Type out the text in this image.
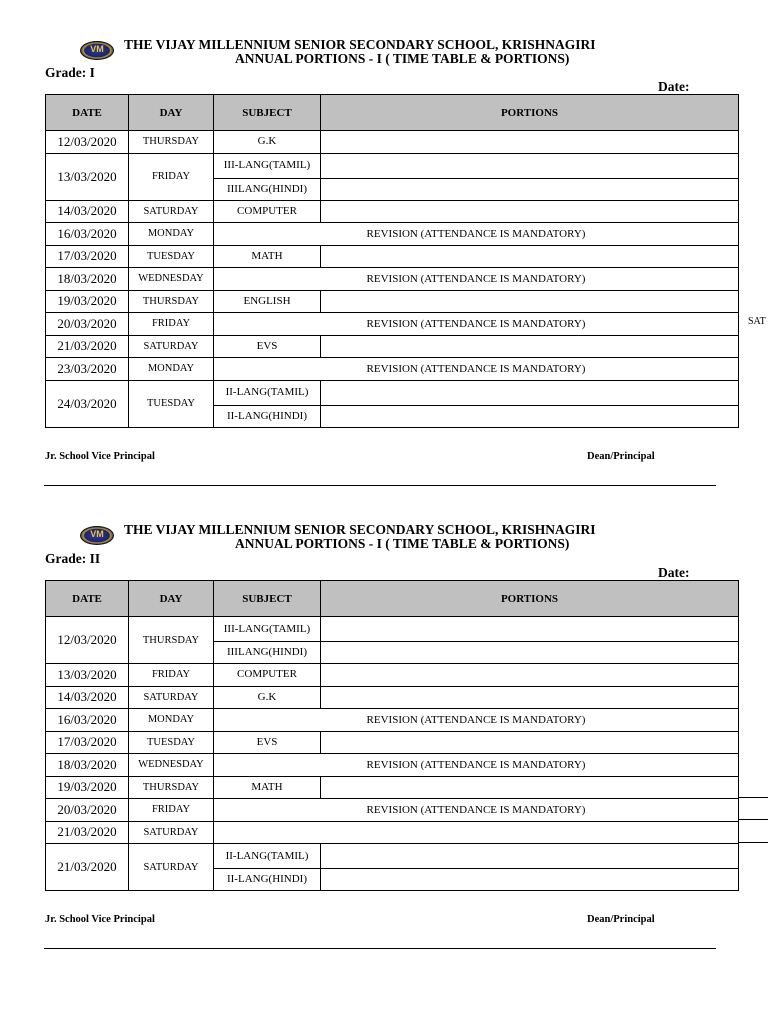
VM	THE VIJAY MILLENNIUM SENIOR SECONDARY SCHOOL, KRISHNAGIRI
ANNUAL PORTIONS - I ( TIME TABLE & PORTIONS)
Grade: I
Date:
DATE	DAY	SUBJECT	PORTIONS
12/03/2020	THURSDAY	G.K	
13/03/2020	FRIDAY	III-LANG(TAMIL)	
		IIILANG(HINDI)	
14/03/2020	SATURDAY	COMPUTER	
16/03/2020	MONDAY	REVISION (ATTENDANCE IS MANDATORY)	
17/03/2020	TUESDAY	MATH	
18/03/2020	WEDNESDAY	REVISION (ATTENDANCE IS MANDATORY)	
19/03/2020	THURSDAY	ENGLISH	
20/03/2020	FRIDAY	REVISION (ATTENDANCE IS MANDATORY)	
21/03/2020	SATURDAY	EVS	
23/03/2020	MONDAY	REVISION (ATTENDANCE IS MANDATORY)	
24/03/2020	TUESDAY	II-LANG(TAMIL)	
		II-LANG(HINDI)	
SAT
Jr. School Vice Principal	Dean/Principal
VM	THE VIJAY MILLENNIUM SENIOR SECONDARY SCHOOL, KRISHNAGIRI
ANNUAL PORTIONS - I ( TIME TABLE & PORTIONS)
Grade: II
Date:
DATE	DAY	SUBJECT	PORTIONS
12/03/2020	THURSDAY	III-LANG(TAMIL)	
		IIILANG(HINDI)	
13/03/2020	FRIDAY	COMPUTER	
14/03/2020	SATURDAY	G.K	
16/03/2020	MONDAY	REVISION (ATTENDANCE IS MANDATORY)	
17/03/2020	TUESDAY	EVS	
18/03/2020	WEDNESDAY	REVISION (ATTENDANCE IS MANDATORY)	
19/03/2020	THURSDAY	MATH	
20/03/2020	FRIDAY	REVISION (ATTENDANCE IS MANDATORY)	
21/03/2020	SATURDAY		
21/03/2020	SATURDAY	II-LANG(TAMIL)	
		II-LANG(HINDI)	
Jr. School Vice Principal	Dean/Principal
